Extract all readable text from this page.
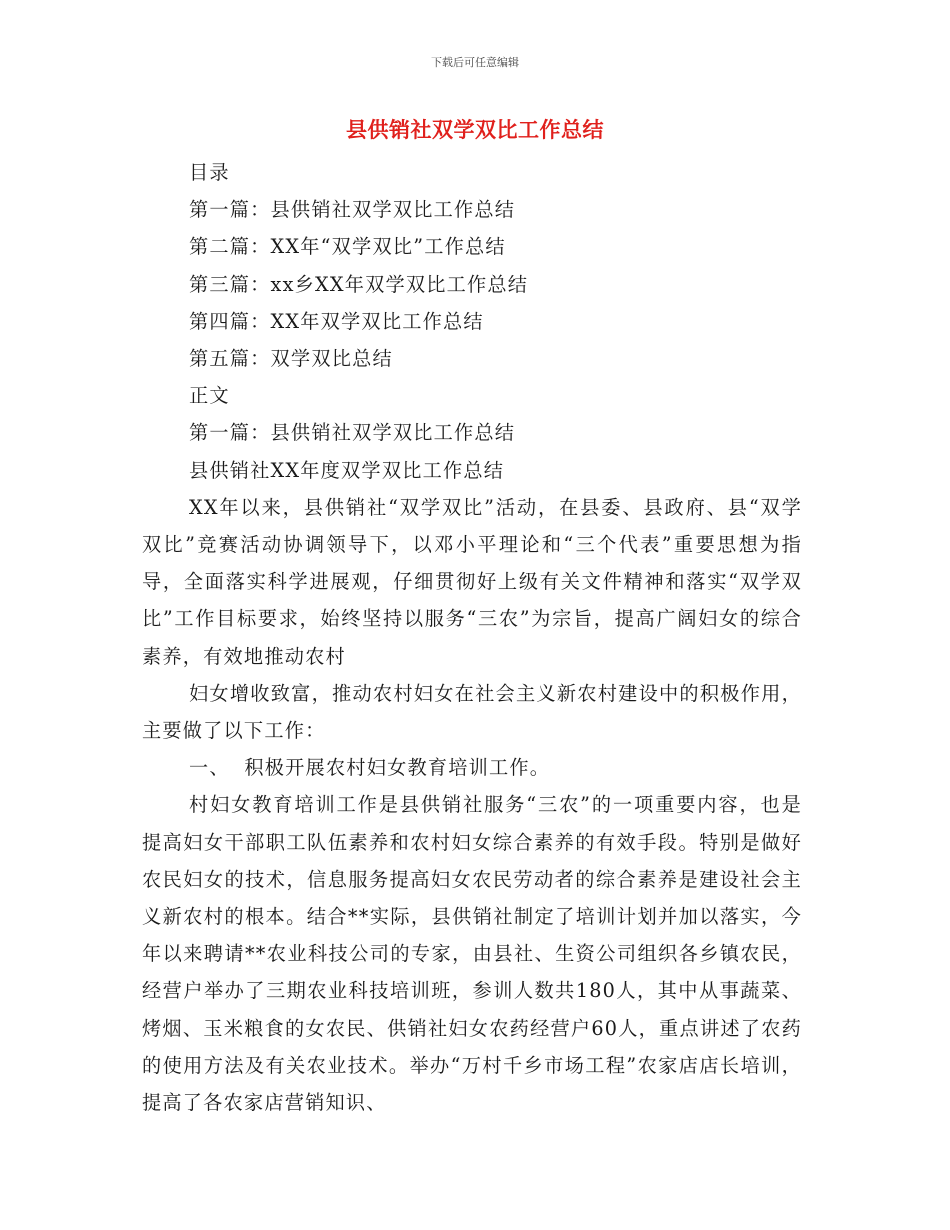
下载后可任意编辑
县供销社双学双比工作总结

目录

第一篇：县供销社双学双比工作总结

第二篇：XX年“双学双比”工作总结

第三篇：xx乡XX年双学双比工作总结

第四篇：XX年双学双比工作总结

第五篇：双学双比总结

正文

第一篇：县供销社双学双比工作总结

县供销社XX年度双学双比工作总结

XX年以来，县供销社“双学双比”活动，在县委、县政府、县“双学双比”竞赛活动协调领导下，以邓小平理论和“三个代表”重要思想为指导，全面落实科学进展观，仔细贯彻好上级有关文件精神和落实“双学双比”工作目标要求，始终坚持以服务“三农”为宗旨，提高广阔妇女的综合素养，有效地推动农村

妇女增收致富，推动农村妇女在社会主义新农村建设中的积极作用，主要做了以下工作：

一、  积极开展农村妇女教育培训工作。

村妇女教育培训工作是县供销社服务“三农”的一项重要内容，也是提高妇女干部职工队伍素养和农村妇女综合素养的有效手段。特别是做好农民妇女的技术，信息服务提高妇女农民劳动者的综合素养是建设社会主义新农村的根本。结合**实际，县供销社制定了培训计划并加以落实，今年以来聘请**农业科技公司的专家，由县社、生资公司组织各乡镇农民，经营户举办了三期农业科技培训班，参训人数共180人，其中从事蔬菜、烤烟、玉米粮食的女农民、供销社妇女农药经营户60人，重点讲述了农药的使用方法及有关农业技术。举办“万村千乡市场工程”农家店店长培训，提高了各农家店营销知识、
